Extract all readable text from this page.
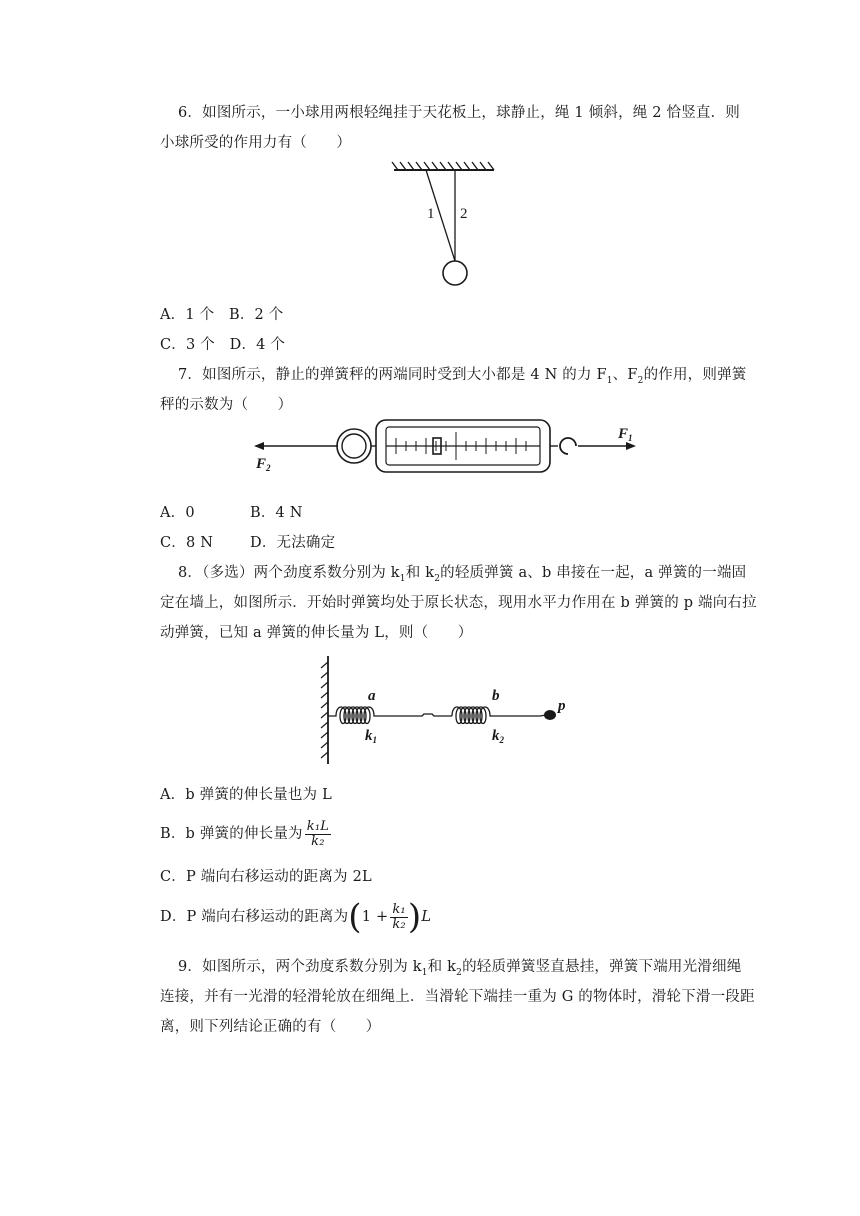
6．如图所示，一小球用两根轻绳挂于天花板上，球静止，绳 1 倾斜，绳 2 恰竖直．则
小球所受的作用力有（　　）
1 2
A．1 个　B．2 个
C．3 个　D．4 个
7．如图所示，静止的弹簧秤的两端同时受到大小都是 4 N 的力 $F_1$、$F_2$的作用，则弹簧
秤的示数为（　　）
$F_1$
$F_2$
A．0	B．4 N
C．8 N	D．无法确定
8．（多选）两个劲度系数分别为 $k_1$和 $k_2$的轻质弹簧 a、b 串接在一起，a 弹簧的一端固
定在墙上，如图所示．开始时弹簧均处于原长状态，现用水平力作用在 b 弹簧的 p 端向右拉
动弹簧，已知 a 弹簧的伸长量为 L，则（　　）
a	b
$k_1$	$k_2$
p
A．b 弹簧的伸长量也为 L
B．b 弹簧的伸长量为 $\frac{\text{k₁L}}{\text{k₂}}$
C．P 端向右移运动的距离为 2L
D．P 端向右移运动的距离为$(1 + \frac{\text{k₁}}{\text{k₂}} )L$
9．如图所示，两个劲度系数分别为 $k_1$和 $k_2$的轻质弹簧竖直悬挂，弹簧下端用光滑细绳
连接，并有一光滑的轻滑轮放在细绳上．当滑轮下端挂一重为 G 的物体时，滑轮下滑一段距
离，则下列结论正确的有（　　）
